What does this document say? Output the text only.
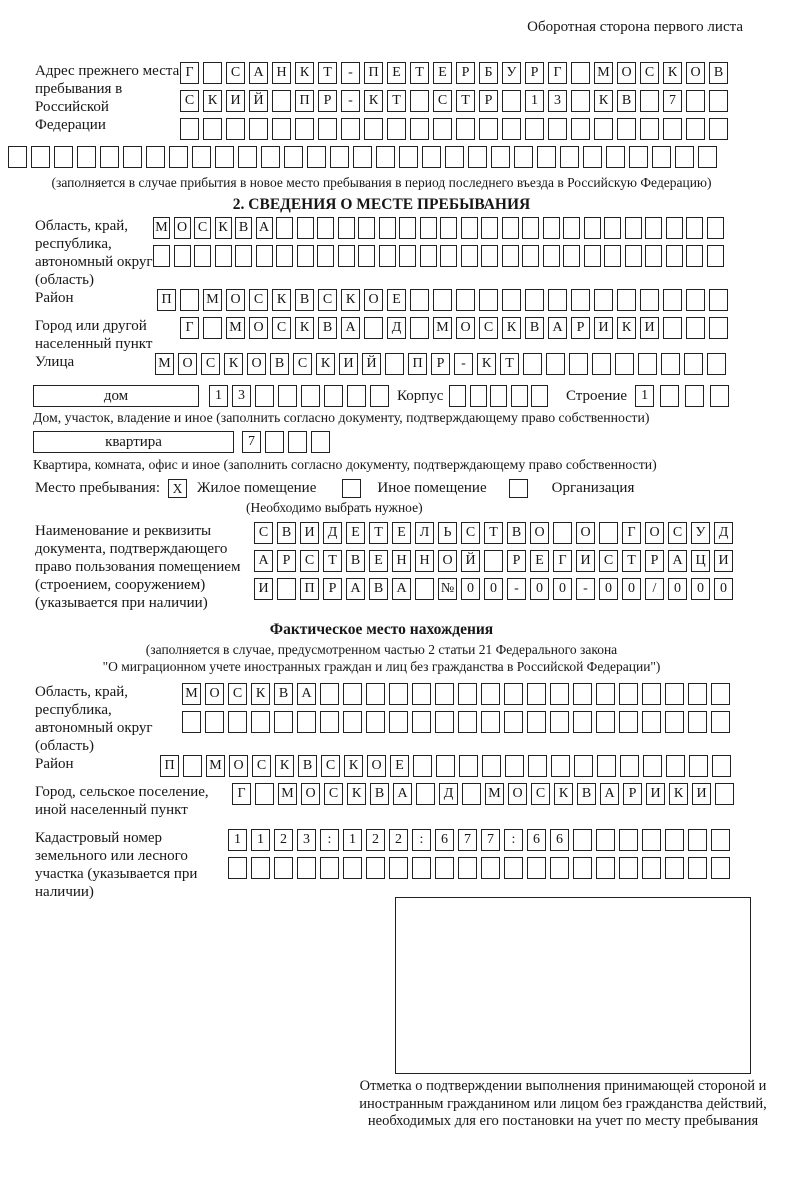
Оборотная сторона первого листа
Адрес прежнего места пребывания в Российской Федерации
Г	С А Н К	Т	-	П Е	Т	Е	Р	Б	У	Р	Г	М О С К О В
С К И Й	П	Р	-	К	Т	С	Т	Р	1	3	К В	7
(заполняется в случае прибытия в новое место пребывания в период последнего въезда в Российскую Федерацию)
2. СВЕДЕНИЯ О МЕСТЕ ПРЕБЫВАНИЯ
Область, край, республика, автономный округ (область)
М О С К В А
Район	П	М О С К В С К О Е
Город или другой населенный пункт
Г	М О С К В А	Д	М О С К В А	Р	И К И
Улица	М О С К О В С К И Й	П	Р	-	К	Т
дом	1	3	Корпус	Строение	1
Дом, участок, владение и иное (заполнить согласно документу, подтверждающему право собственности)
квартира	7
Квартира, комната, офис и иное (заполнить согласно документу, подтверждающему право собственности)
Место пребывания: X Жилое помещение	Иное помещение	Организация
(Необходимо выбрать нужное)
Наименование и реквизиты документа, подтверждающего право пользования помещением (строением, сооружением) (указывается при наличии)
С В И Д Е	Т	Е Л	Ь	С	Т	В О	О	Г О С У Д
А	Р	С	Т	В	Е Н Н О Й	Р	Е	Г И С	Т	Р	А Ц И
И	П	Р	А В А	№ 0	0	-	0	0	-	0	0	/	0	0	0
Фактическое место нахождения
(заполняется в случае, предусмотренном частью 2 статьи 21 Федерального закона
"О миграционном учете иностранных граждан и лиц без гражданства в Российской Федерации")
Область, край, республика, автономный округ (область)
М О С К В А
Район	П	М О С К В С К О Е
Город, сельское поселение, иной населенный пункт
Г	М О С К В А	Д	М О С К В А	Р	И К И
Кадастровый номер земельного или лесного участка (указывается при наличии)
1	1	2	3	:	1	2	2	:	6	7	7	:	6	6
Отметка о подтверждении выполнения принимающей стороной и иностранным гражданином или лицом без гражданства действий, необходимых для его постановки на учет по месту пребывания
